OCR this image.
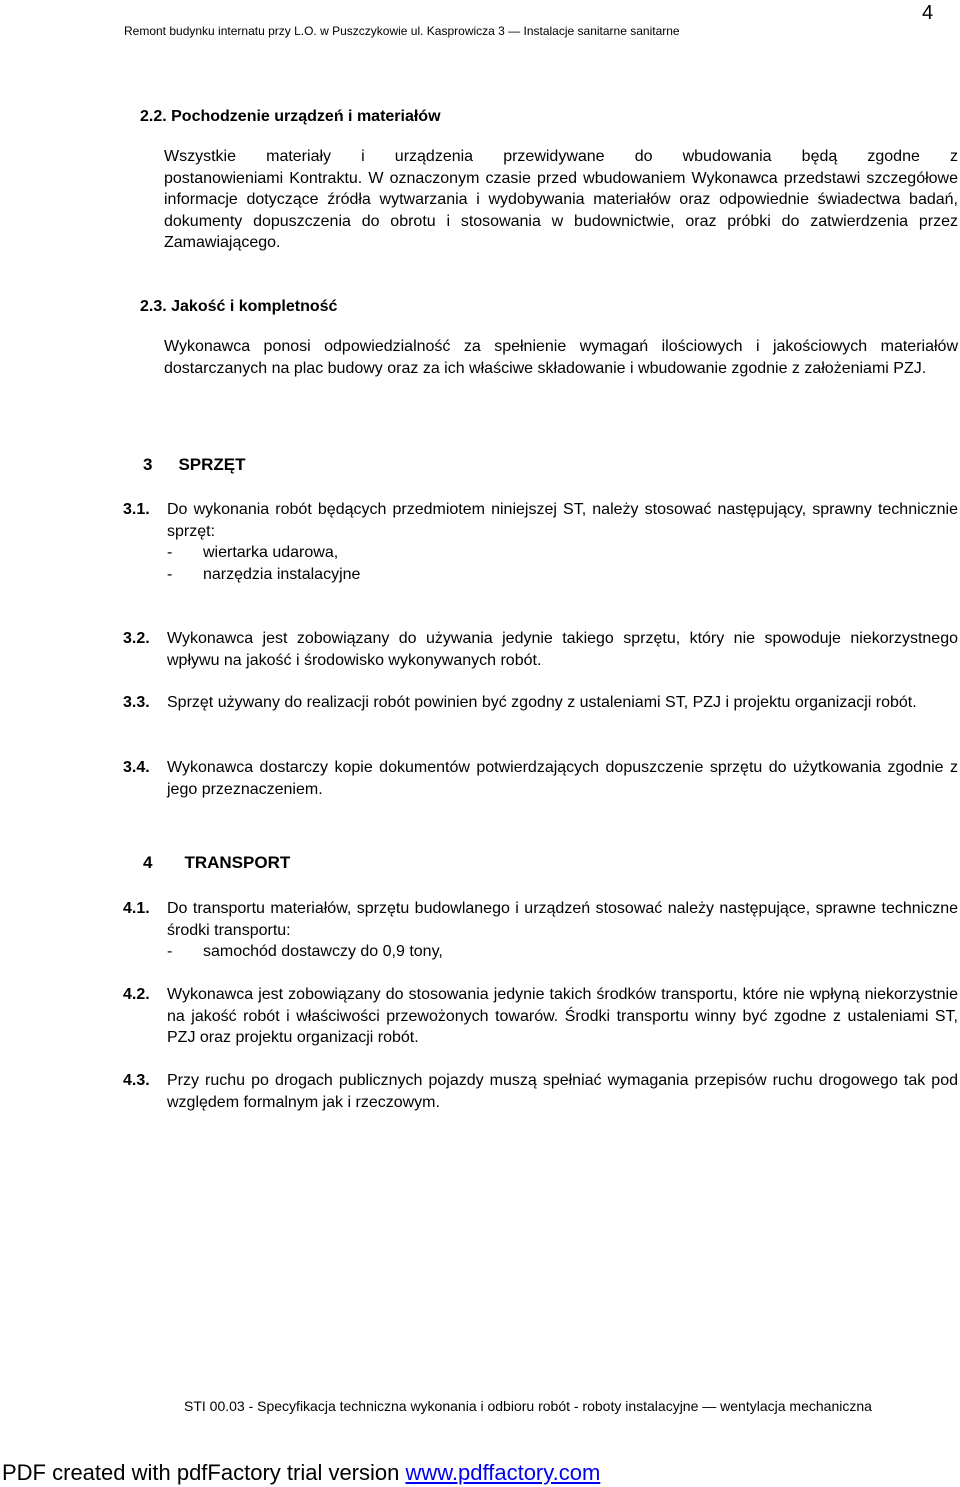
Remont budynku internatu przy L.O. w Puszczykowie ul. Kasprowicza 3 — Instalacje sanitarne sanitarne

4

2.2. Pochodzenie urządzeń i materiałów

Wszystkie materiały i urządzenia przewidywane do wbudowania będą zgodne z
postanowieniami Kontraktu. W oznaczonym czasie przed wbudowaniem Wykonawca przedstawi szczegółowe informacje dotyczące źródła wytwarzania i wydobywania materiałów oraz odpowiednie świadectwa badań, dokumenty dopuszczenia do obrotu i stosowania w budownictwie, oraz próbki do zatwierdzenia przez Zamawiającego.

2.3. Jakość i kompletność

Wykonawca ponosi odpowiedzialność za spełnienie wymagań ilościowych i jakościowych materiałów dostarczanych na plac budowy oraz za ich właściwe składowanie i wbudowanie zgodnie z założeniami PZJ.
3 SPRZĘT
3.1. Do wykonania robót będących przedmiotem niniejszej ST, należy stosować następujący, sprawny technicznie sprzęt:
- wiertarka udarowa,
- narzędzia instalacyjne
3.2. Wykonawca jest zobowiązany do używania jedynie takiego sprzętu, który nie spowoduje niekorzystnego wpływu na jakość i środowisko wykonywanych robót.
3.3. Sprzęt używany do realizacji robót powinien być zgodny z ustaleniami ST, PZJ i projektu organizacji robót.
3.4. Wykonawca dostarczy kopie dokumentów potwierdzających dopuszczenie sprzętu do użytkowania zgodnie z jego przeznaczeniem.
4 TRANSPORT
4.1. Do transportu materiałów, sprzętu budowlanego i urządzeń stosować należy następujące, sprawne techniczne środki transportu:
- samochód dostawczy do 0,9 tony,
4.2. Wykonawca jest zobowiązany do stosowania jedynie takich środków transportu, które nie wpłyną niekorzystnie na jakość robót i właściwości przewożonych towarów. Środki transportu winny być zgodne z ustaleniami ST, PZJ oraz projektu organizacji robót.
4.3. Przy ruchu po drogach publicznych pojazdy muszą spełniać wymagania przepisów ruchu drogowego tak pod względem formalnym jak i rzeczowym.

STI 00.03 - Specyfikacja techniczna wykonania i odbioru robót - roboty instalacyjne — wentylacja mechaniczna

PDF created with pdfFactory trial version www.pdffactory.com
